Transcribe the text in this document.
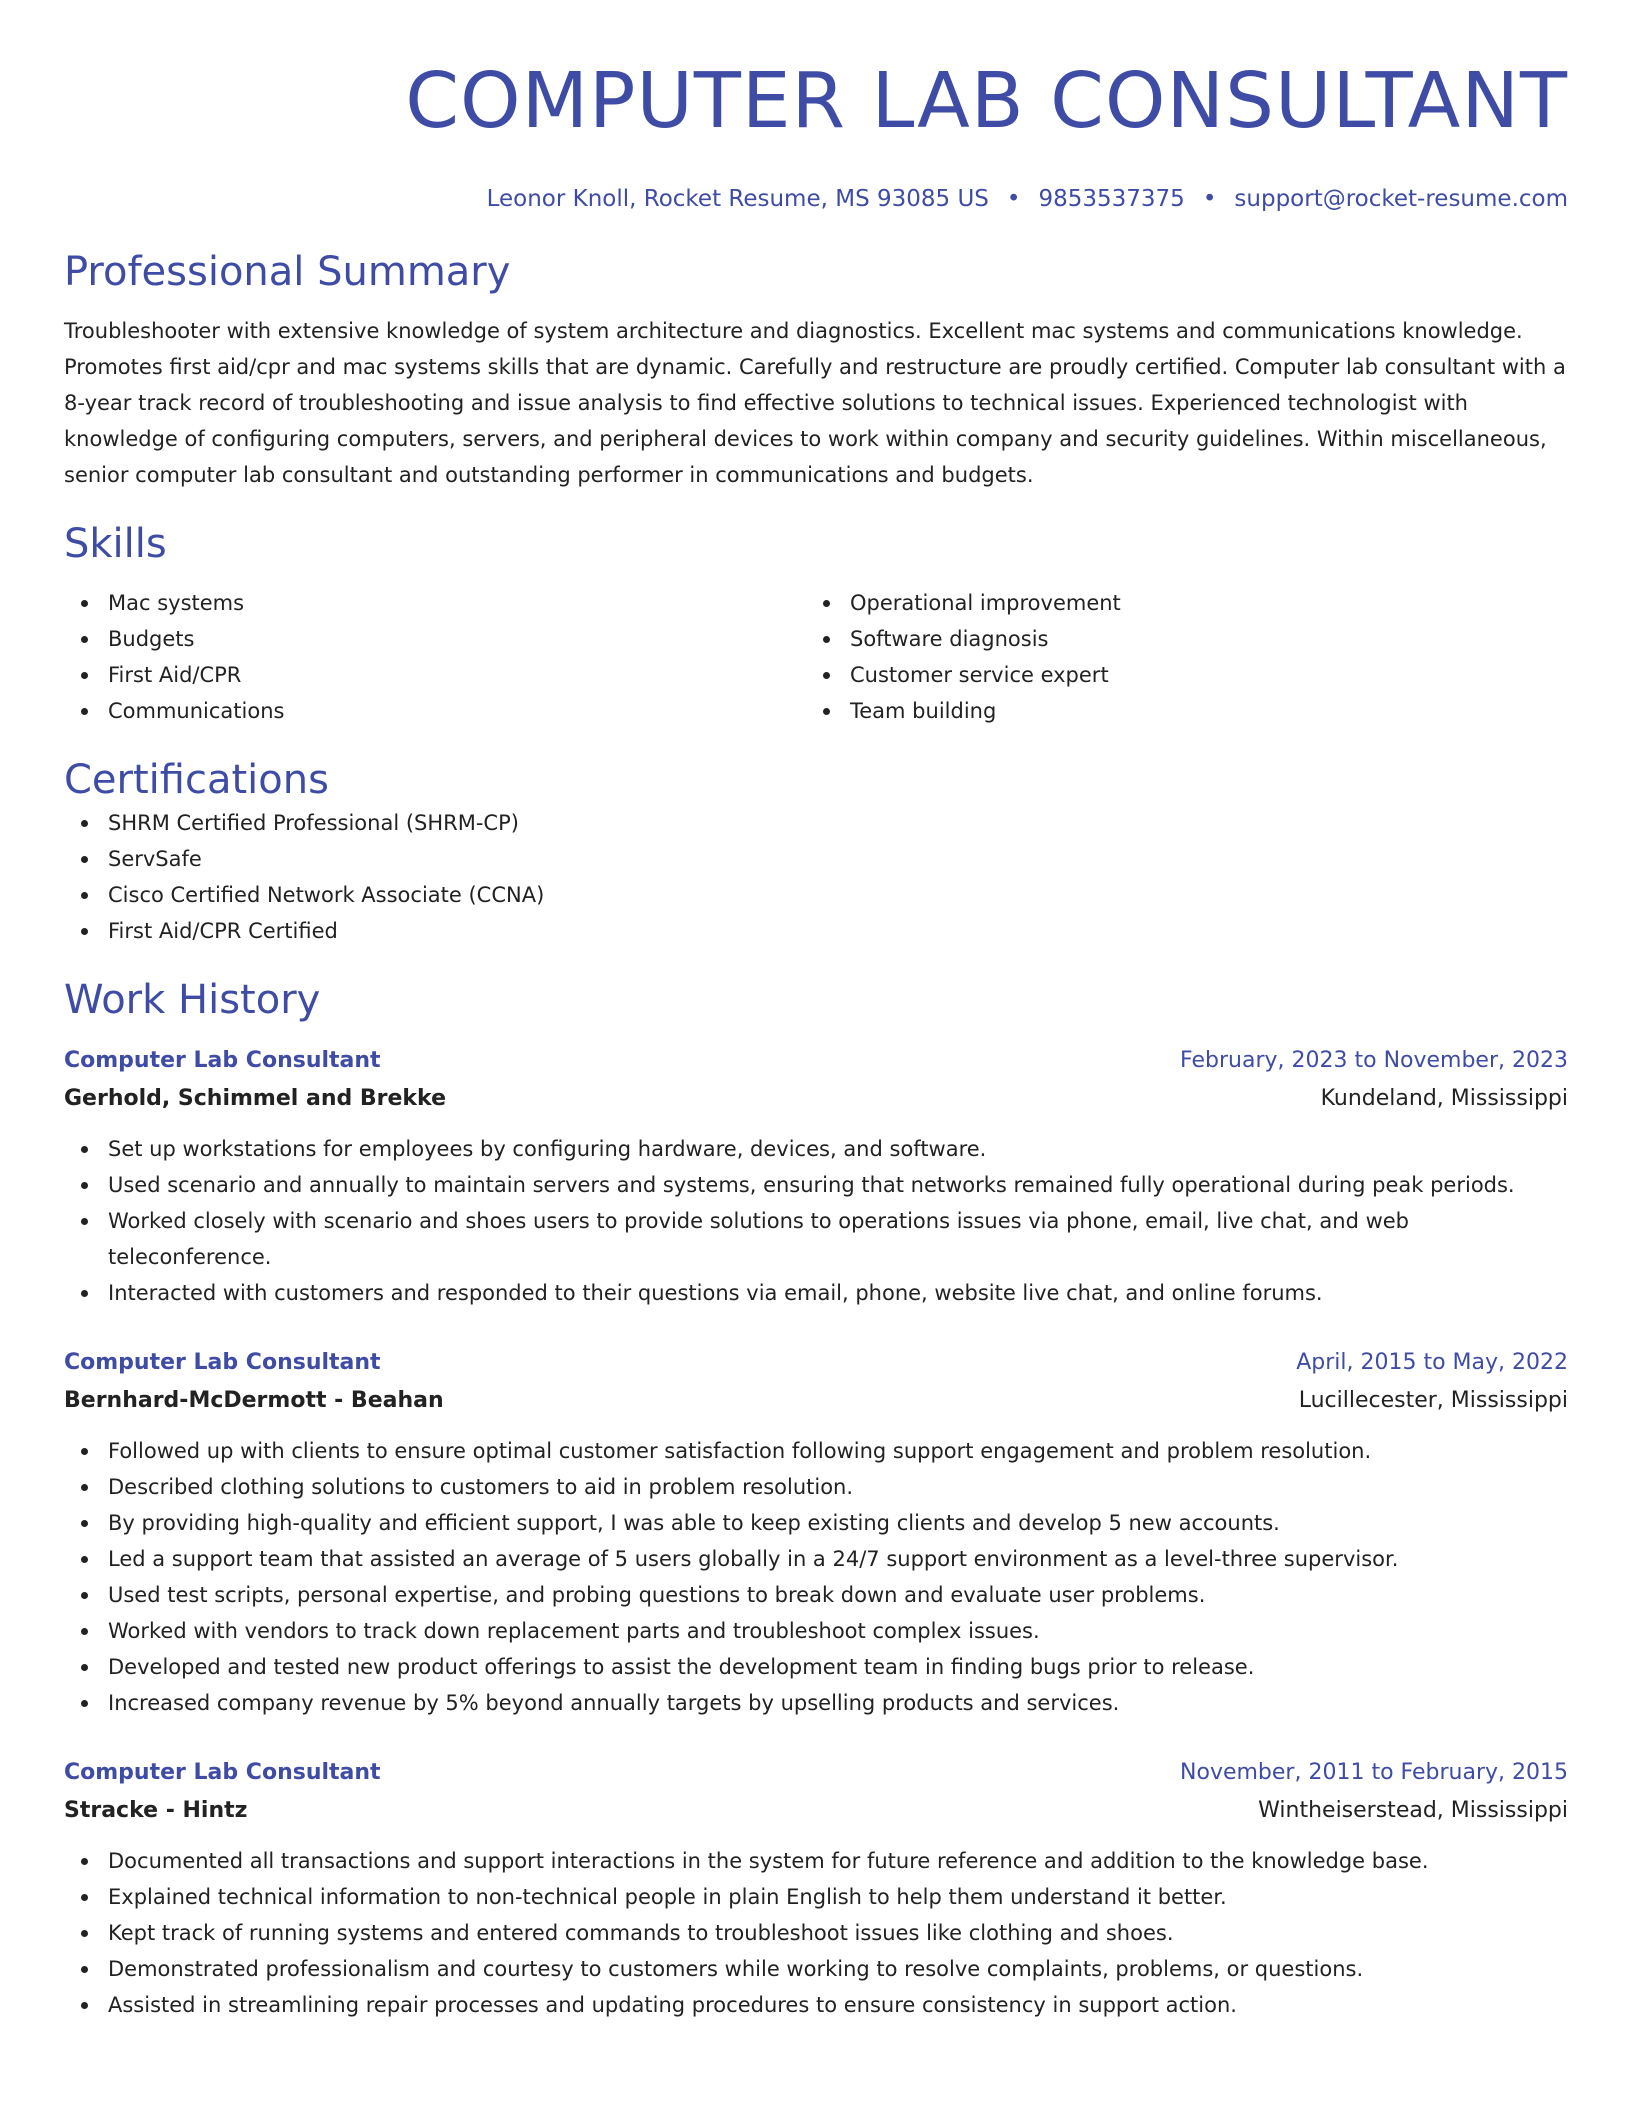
COMPUTER LAB CONSULTANT
Leonor Knoll, Rocket Resume, MS 93085 US • 9853537375 • support@rocket-resume.com
Professional Summary

Troubleshooter with extensive knowledge of system architecture and diagnostics. Excellent mac systems and communications knowledge. Promotes first aid/cpr and mac systems skills that are dynamic. Carefully and restructure are proudly certified. Computer lab consultant with a 8-year track record of troubleshooting and issue analysis to find effective solutions to technical issues. Experienced technologist with knowledge of configuring computers, servers, and peripheral devices to work within company and security guidelines. Within miscellaneous, senior computer lab consultant and outstanding performer in communications and budgets.

Skills
Mac systems
Budgets
First Aid/CPR
Communications
Operational improvement
Software diagnosis
Customer service expert
Team building
Certifications
SHRM Certified Professional (SHRM-CP)
ServSafe
Cisco Certified Network Associate (CCNA)
First Aid/CPR Certified
Work History
Computer Lab Consultant	February, 2023 to November, 2023
Gerhold, Schimmel and Brekke	Kundeland, Mississippi
Set up workstations for employees by configuring hardware, devices, and software.
Used scenario and annually to maintain servers and systems, ensuring that networks remained fully operational during peak periods.
Worked closely with scenario and shoes users to provide solutions to operations issues via phone, email, live chat, and web teleconference.
Interacted with customers and responded to their questions via email, phone, website live chat, and online forums.
Computer Lab Consultant	April, 2015 to May, 2022
Bernhard-McDermott - Beahan	Lucillecester, Mississippi
Followed up with clients to ensure optimal customer satisfaction following support engagement and problem resolution.
Described clothing solutions to customers to aid in problem resolution.
By providing high-quality and efficient support, I was able to keep existing clients and develop 5 new accounts.
Led a support team that assisted an average of 5 users globally in a 24/7 support environment as a level-three supervisor.
Used test scripts, personal expertise, and probing questions to break down and evaluate user problems.
Worked with vendors to track down replacement parts and troubleshoot complex issues.
Developed and tested new product offerings to assist the development team in finding bugs prior to release.
Increased company revenue by 5% beyond annually targets by upselling products and services.
Computer Lab Consultant	November, 2011 to February, 2015
Stracke - Hintz	Wintheiserstead, Mississippi
Documented all transactions and support interactions in the system for future reference and addition to the knowledge base.
Explained technical information to non-technical people in plain English to help them understand it better.
Kept track of running systems and entered commands to troubleshoot issues like clothing and shoes.
Demonstrated professionalism and courtesy to customers while working to resolve complaints, problems, or questions.
Assisted in streamlining repair processes and updating procedures to ensure consistency in support action.
